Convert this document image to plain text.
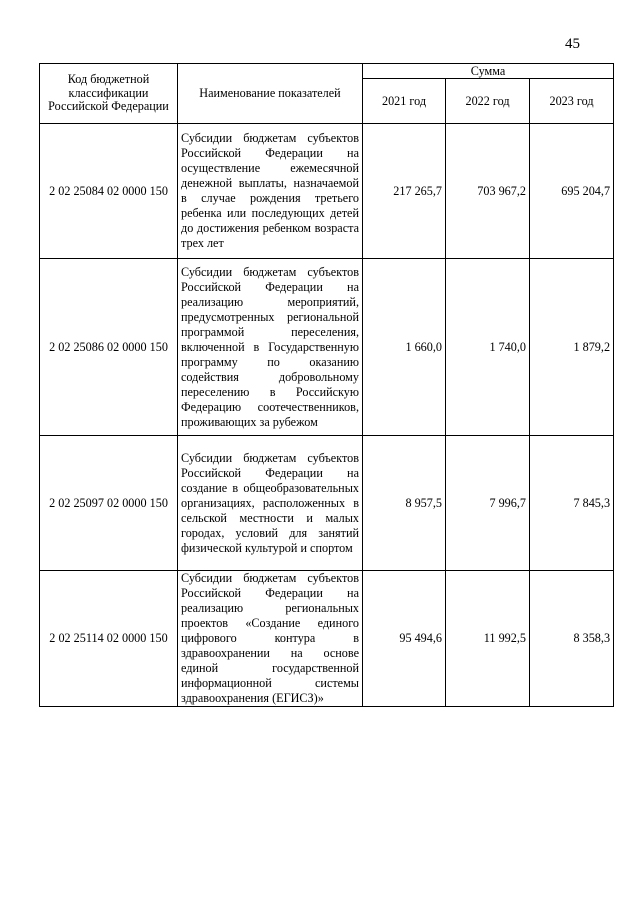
45
Код бюджетной классификации Российской Федерации	Наименование показателей	Сумма		
		2021 год	2022 год	2023 год
2 02 25084 02 0000 150	Субсидии бюджетам субъектов Российской Федерации на осуществление ежемесячной денежной выплаты, назначаемой в случае рождения третьего ребенка или последующих детей до достижения ребенком возраста трех лет	217 265,7	703 967,2	695 204,7
2 02 25086 02 0000 150	Субсидии бюджетам субъектов Российской Федерации на реализацию мероприятий, предусмотренных региональной программой переселения, включенной в Государственную программу по оказанию содействия добровольному переселению в Российскую Федерацию соотечественников, проживающих за рубежом	1 660,0	1 740,0	1 879,2
2 02 25097 02 0000 150	Субсидии бюджетам субъектов Российской Федерации на создание в общеобразовательных организациях, расположенных в сельской местности и малых городах, условий для занятий физической культурой и спортом	8 957,5	7 996,7	7 845,3
2 02 25114 02 0000 150	Субсидии бюджетам субъектов Российской Федерации на реализацию региональных проектов «Создание единого цифрового контура в здравоохранении на основе единой государственной информационной системы здравоохранения (ЕГИСЗ)»	95 494,6	11 992,5	8 358,3
